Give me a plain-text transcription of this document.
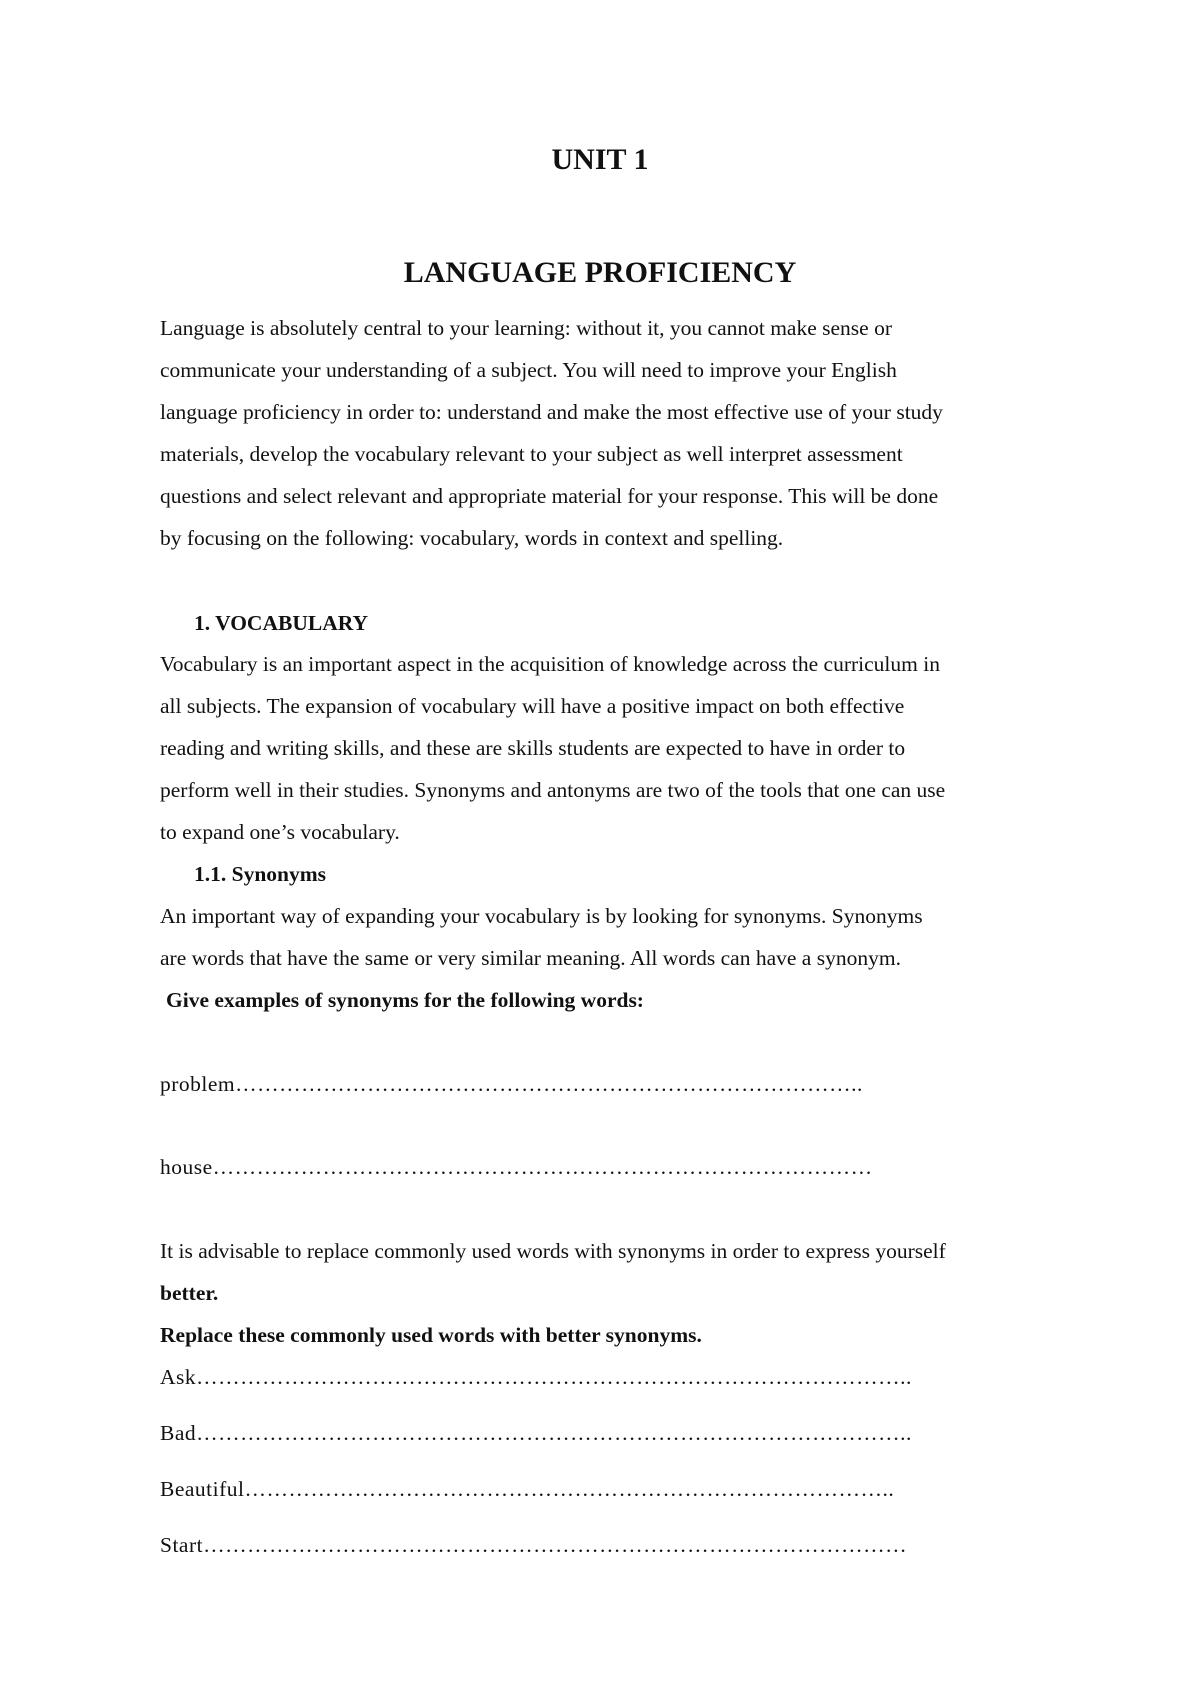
UNIT 1
LANGUAGE PROFICIENCY
Language is absolutely central to your learning: without it, you cannot make sense or
communicate your understanding of a subject. You will need to improve your English
language proficiency in order to: understand and make the most effective use of your study
materials, develop the vocabulary relevant to your subject as well interpret assessment
questions and select relevant and appropriate material for your response. This will be done
by focusing on the following: vocabulary, words in context and spelling.
1. VOCABULARY
Vocabulary is an important aspect in the acquisition of knowledge across the curriculum in
all subjects. The expansion of vocabulary will have a positive impact on both effective
reading and writing skills, and these are skills students are expected to have in order to
perform well in their studies. Synonyms and antonyms are two of the tools that one can use
to expand one’s vocabulary.
1.1. Synonyms
An important way of expanding your vocabulary is by looking for synonyms. Synonyms
are words that have the same or very similar meaning. All words can have a synonym.
Give examples of synonyms for the following words:
problem…………………………………………………………………………..
house………………………………………………………………………………
It is advisable to replace commonly used words with synonyms in order to express yourself
better.
Replace these commonly used words with better synonyms.
Ask……………………………………………………………………………………..
Bad……………………………………………………………………………………..
Beautiful……………………………………………………………………………..
Start……………………………………………………………………………………
